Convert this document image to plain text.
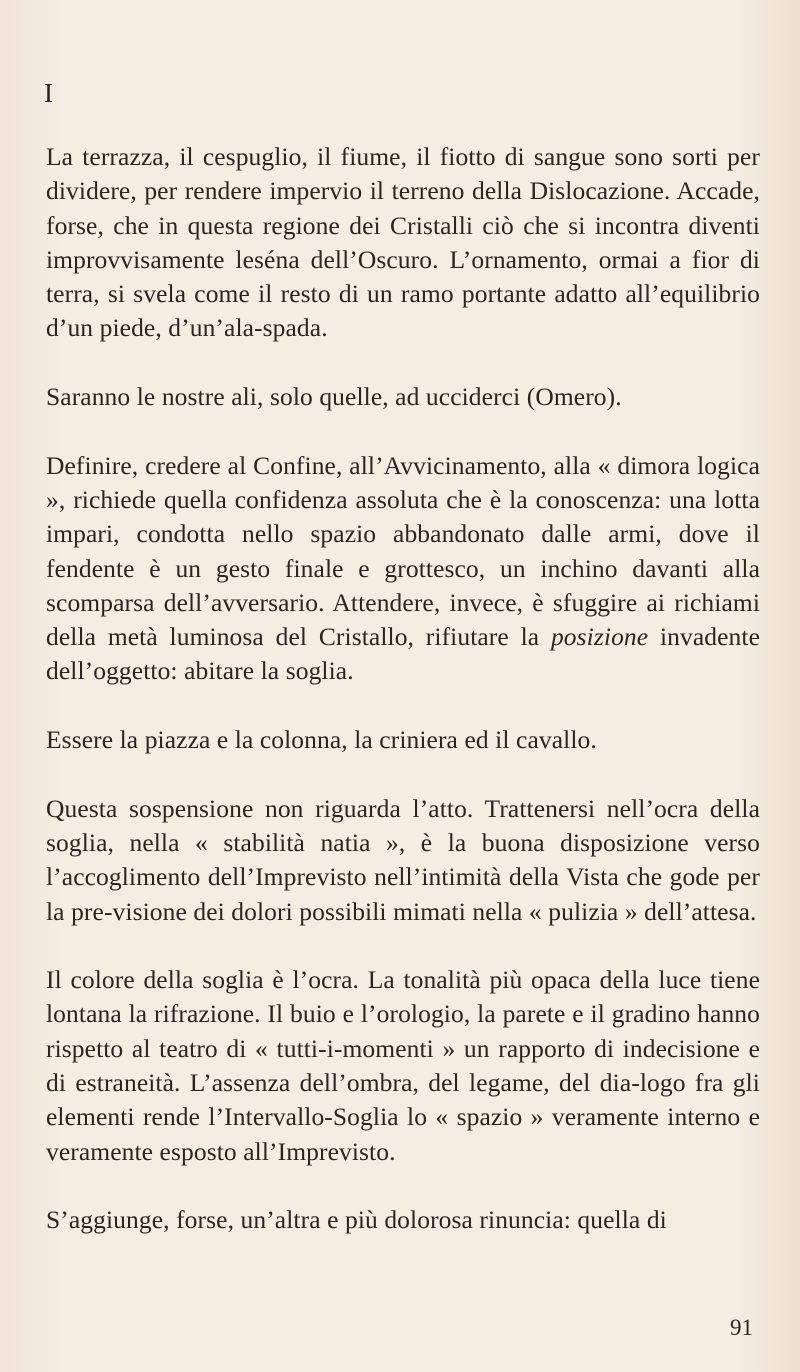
I

La terrazza, il cespuglio, il fiume, il fiotto di sangue sono sorti per dividere, per rendere impervio il terreno della Dislocazione. Accade, forse, che in questa regione dei Cristalli ciò che si incontra diventi improvvisamente leséna dell’Oscuro. L’ornamento, ormai a fior di terra, si svela come il resto di un ramo portante adatto all’equilibrio d’un piede, d’un’ala-spada.

Saranno le nostre ali, solo quelle, ad ucciderci (Omero).

Definire, credere al Confine, all’Avvicinamento, alla « dimora logica », richiede quella confidenza assoluta che è la conoscenza: una lotta impari, condotta nello spazio abbandonato dalle armi, dove il fendente è un gesto finale e grottesco, un inchino davanti alla scomparsa dell’avversario. Attendere, invece, è sfuggire ai richiami della metà luminosa del Cristallo, rifiutare la posizione invadente dell’oggetto: abitare la soglia.

Essere la piazza e la colonna, la criniera ed il cavallo.

Questa sospensione non riguarda l’atto. Trattenersi nell’ocra della soglia, nella « stabilità natia », è la buona disposizione verso l’accoglimento dell’Imprevisto nell’intimità della Vista che gode per la pre-visione dei dolori possibili mimati nella « pulizia » dell’attesa.

Il colore della soglia è l’ocra. La tonalità più opaca della luce tiene lontana la rifrazione. Il buio e l’orologio, la parete e il gradino hanno rispetto al teatro di « tutti-i-momenti » un rapporto di indecisione e di estraneità. L’assenza dell’ombra, del legame, del dia-logo fra gli elementi rende l’Intervallo-Soglia lo « spazio » veramente interno e veramente esposto all’Imprevisto.

S’aggiunge, forse, un’altra e più dolorosa rinuncia: quella di

91
